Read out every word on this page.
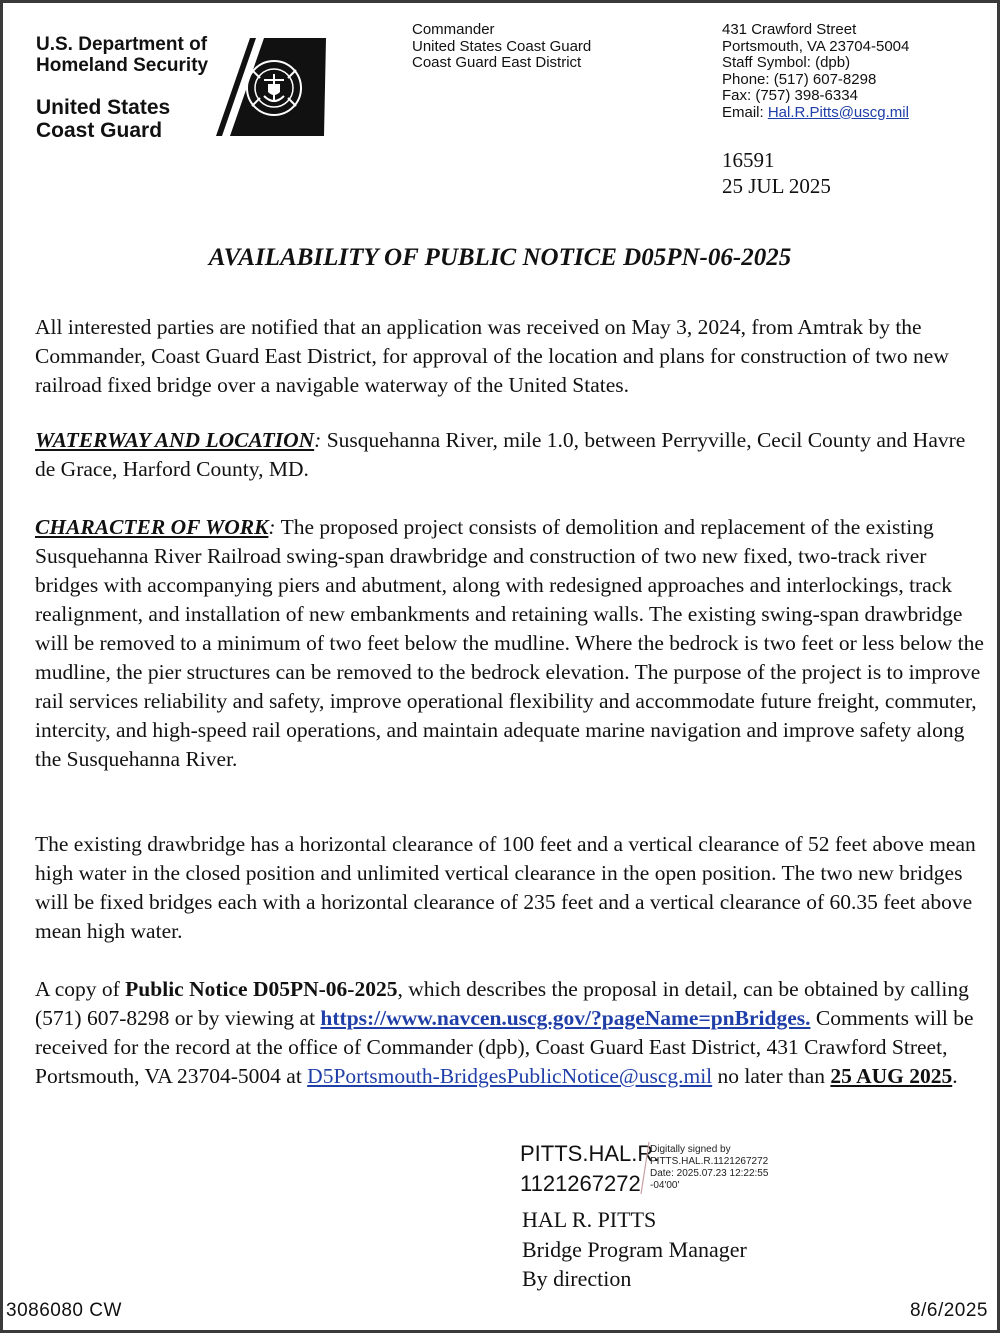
U.S. Department of
Homeland Security
United States
Coast Guard
Commander
United States Coast Guard
Coast Guard East District
431 Crawford Street
Portsmouth, VA 23704-5004
Staff Symbol: (dpb)
Phone: (517) 607-8298
Fax: (757) 398-6334
Email: Hal.R.Pitts@uscg.mil
16591
25 JUL 2025
AVAILABILITY OF PUBLIC NOTICE D05PN-06-2025

All interested parties are notified that an application was received on May 3, 2024, from Amtrak by the Commander, Coast Guard East District, for approval of the location and plans for construction of two new railroad fixed bridge over a navigable waterway of the United States.

WATERWAY AND LOCATION: Susquehanna River, mile 1.0, between Perryville, Cecil County and Havre de Grace, Harford County, MD.

CHARACTER OF WORK: The proposed project consists of demolition and replacement of the existing Susquehanna River Railroad swing-span drawbridge and construction of two new fixed, two-track river bridges with accompanying piers and abutment, along with redesigned approaches and interlockings, track realignment, and installation of new embankments and retaining walls. The existing swing-span drawbridge will be removed to a minimum of two feet below the mudline. Where the bedrock is two feet or less below the mudline, the pier structures can be removed to the bedrock elevation. The purpose of the project is to improve rail services reliability and safety, improve operational flexibility and accommodate future freight, commuter, intercity, and high-speed rail operations, and maintain adequate marine navigation and improve safety along the Susquehanna River.

The existing drawbridge has a horizontal clearance of 100 feet and a vertical clearance of 52 feet above mean high water in the closed position and unlimited vertical clearance in the open position. The two new bridges will be fixed bridges each with a horizontal clearance of 235 feet and a vertical clearance of 60.35 feet above mean high water.

A copy of Public Notice D05PN-06-2025, which describes the proposal in detail, can be obtained by calling (571) 607-8298 or by viewing at https://www.navcen.uscg.gov/?pageName=pnBridges. Comments will be received for the record at the office of Commander (dpb), Coast Guard East District, 431 Crawford Street, Portsmouth, VA 23704-5004 at D5Portsmouth-BridgesPublicNotice@uscg.mil no later than 25 AUG 2025.

PITTS.HAL.R.
1121267272
Digitally signed by
PITTS.HAL.R.1121267272
Date: 2025.07.23 12:22:55
-04'00'
HAL R. PITTS
Bridge Program Manager
By direction
3086080 CW	8/6/2025
